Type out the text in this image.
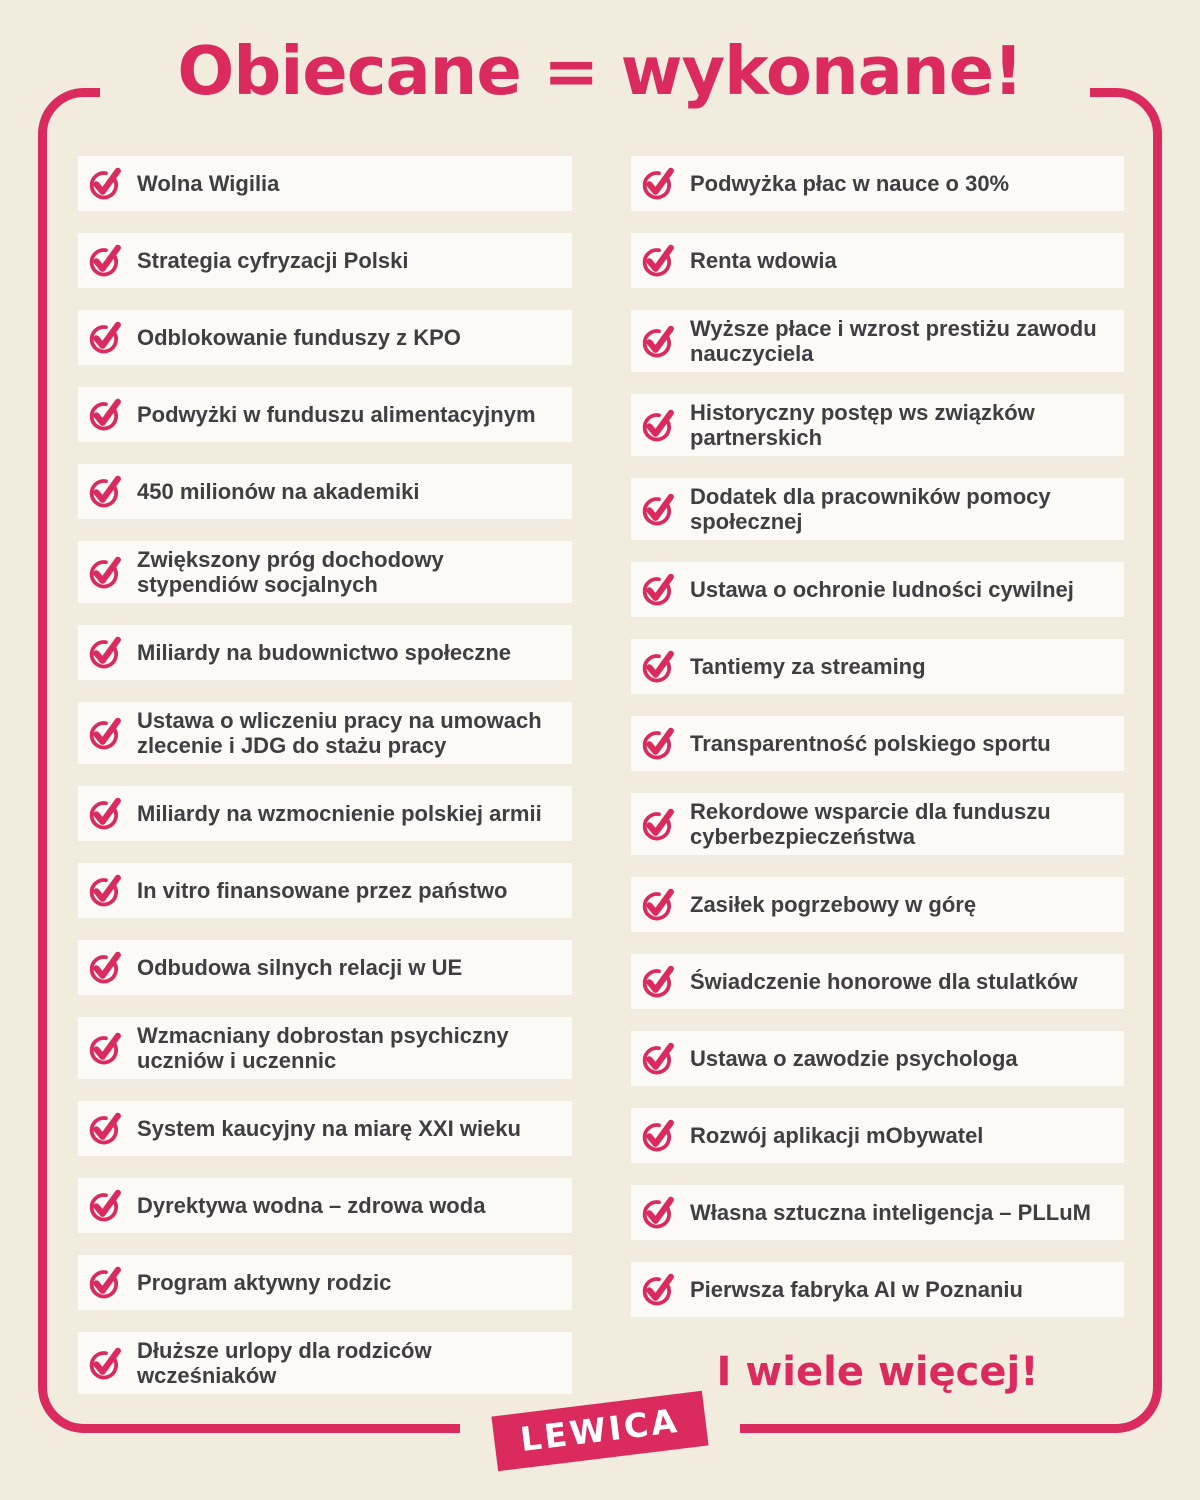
Obiecane = wykonane!
Wolna Wigilia
Strategia cyfryzacji Polski
Odblokowanie funduszy z KPO
Podwyżki w funduszu alimentacyjnym
450 milionów na akademiki
Zwiększony próg dochodowy stypendiów socjalnych
Miliardy na budownictwo społeczne
Ustawa o wliczeniu pracy na umowach zlecenie i JDG do stażu pracy
Miliardy na wzmocnienie polskiej armii
In vitro finansowane przez państwo
Odbudowa silnych relacji w UE
Wzmacniany dobrostan psychiczny uczniów i uczennic
System kaucyjny na miarę XXI wieku
Dyrektywa wodna – zdrowa woda
Program aktywny rodzic
Dłuższe urlopy dla rodziców wcześniaków
Podwyżka płac w nauce o 30%
Renta wdowia
Wyższe płace i wzrost prestiżu zawodu nauczyciela
Historyczny postęp ws związków partnerskich
Dodatek dla pracowników pomocy społecznej
Ustawa o ochronie ludności cywilnej
Tantiemy za streaming
Transparentność polskiego sportu
Rekordowe wsparcie dla funduszu cyberbezpieczeństwa
Zasiłek pogrzebowy w górę
Świadczenie honorowe dla stulatków
Ustawa o zawodzie psychologa
Rozwój aplikacji mObywatel
Własna sztuczna inteligencja – PLLuM
Pierwsza fabryka AI w Poznaniu
I wiele więcej!
LEWICA
